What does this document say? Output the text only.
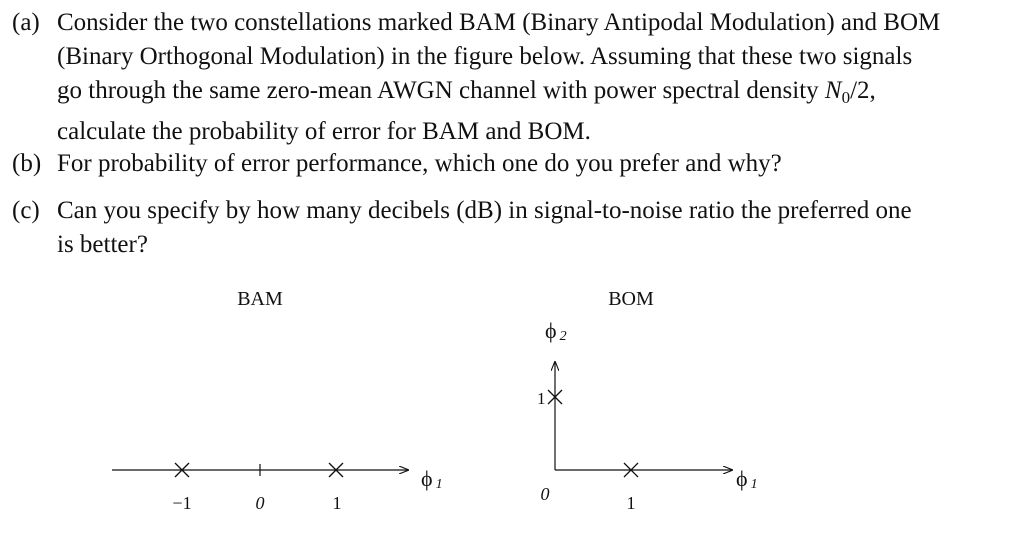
(a) Consider the two constellations marked BAM (Binary Antipodal Modulation) and BOM
(Binary Orthogonal Modulation) in the figure below. Assuming that these two signals
go through the same zero-mean AWGN channel with power spectral density $N_0/2$,
calculate the probability of error for BAM and BOM.
(b) For probability of error performance, which one do you prefer and why?
(c) Can you specify by how many decibels (dB) in signal-to-noise ratio the preferred one
is better?
BAM
ϕ 1
−1	0	1
BOM
1
ϕ 2
ϕ 1
0	1
